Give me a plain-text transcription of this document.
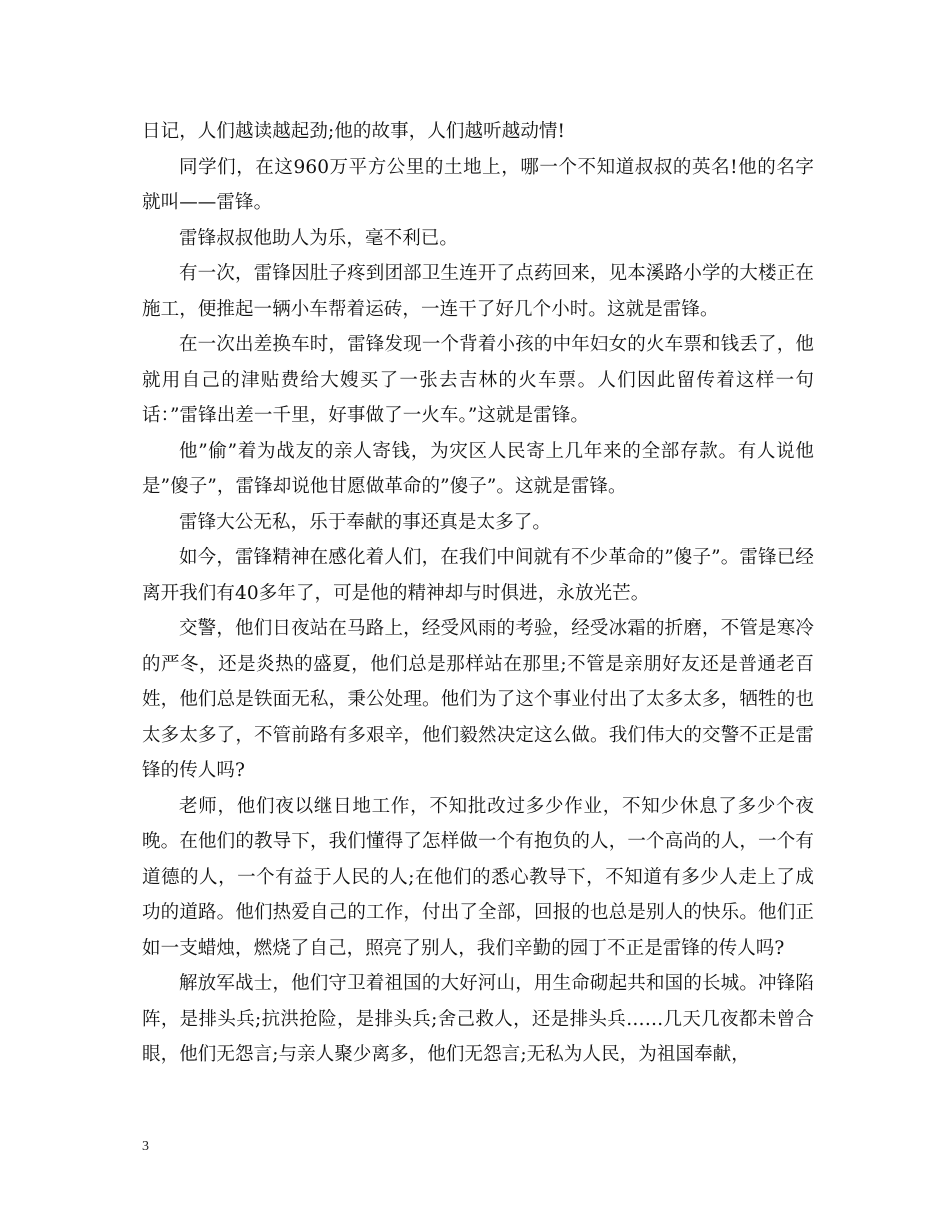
日记，人们越读越起劲;他的故事，人们越听越动情!

同学们，在这960万平方公里的土地上，哪一个不知道叔叔的英名!他的名字就叫——雷锋。

雷锋叔叔他助人为乐，毫不利已。

有一次，雷锋因肚子疼到团部卫生连开了点药回来，见本溪路小学的大楼正在施工，便推起一辆小车帮着运砖，一连干了好几个小时。这就是雷锋。

在一次出差换车时，雷锋发现一个背着小孩的中年妇女的火车票和钱丢了，他就用自己的津贴费给大嫂买了一张去吉林的火车票。人们因此留传着这样一句话：”雷锋出差一千里，好事做了一火车。”这就是雷锋。

他”偷”着为战友的亲人寄钱，为灾区人民寄上几年来的全部存款。有人说他是”傻子”，雷锋却说他甘愿做革命的”傻子”。这就是雷锋。

雷锋大公无私，乐于奉献的事还真是太多了。

如今，雷锋精神在感化着人们，在我们中间就有不少革命的”傻子”。雷锋已经离开我们有40多年了，可是他的精神却与时俱进，永放光芒。

交警，他们日夜站在马路上，经受风雨的考验，经受冰霜的折磨，不管是寒冷的严冬，还是炎热的盛夏，他们总是那样站在那里;不管是亲朋好友还是普通老百姓，他们总是铁面无私，秉公处理。他们为了这个事业付出了太多太多，牺牲的也太多太多了，不管前路有多艰辛，他们毅然决定这么做。我们伟大的交警不正是雷锋的传人吗?

老师，他们夜以继日地工作，不知批改过多少作业，不知少休息了多少个夜晚。在他们的教导下，我们懂得了怎样做一个有抱负的人，一个高尚的人，一个有道德的人，一个有益于人民的人;在他们的悉心教导下，不知道有多少人走上了成功的道路。他们热爱自己的工作，付出了全部，回报的也总是别人的快乐。他们正如一支蜡烛，燃烧了自己，照亮了别人，我们辛勤的园丁不正是雷锋的传人吗?

解放军战士，他们守卫着祖国的大好河山，用生命砌起共和国的长城。冲锋陷阵，是排头兵;抗洪抢险，是排头兵;舍己救人，还是排头兵……几天几夜都未曾合眼，他们无怨言;与亲人聚少离多，他们无怨言;无私为人民，为祖国奉献，

3
